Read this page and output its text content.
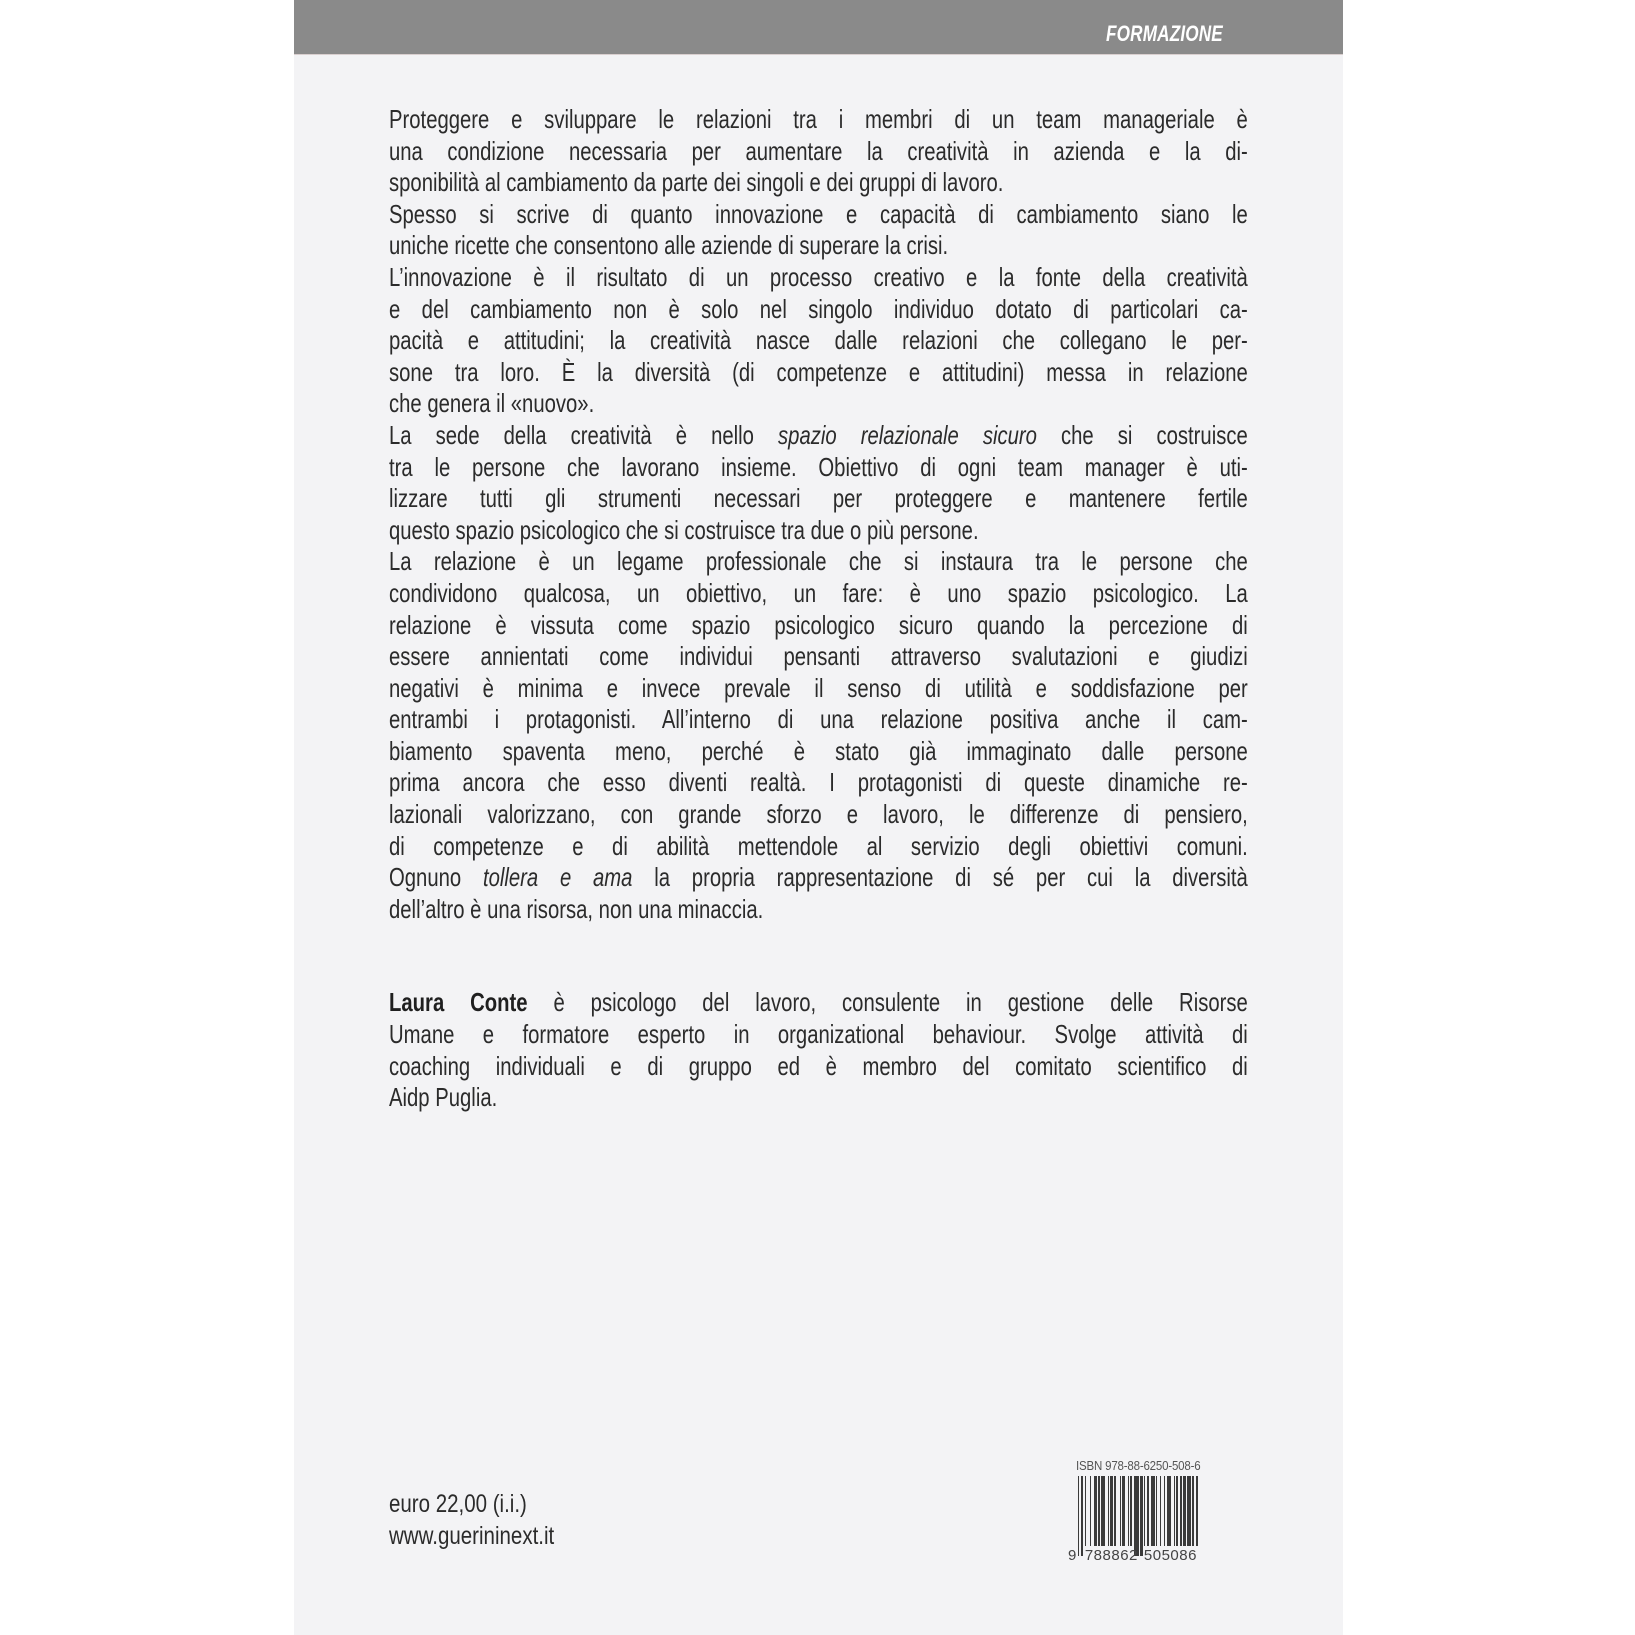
FORMAZIONE
Proteggere e sviluppare le relazioni tra i membri di un team manageriale è
una condizione necessaria per aumentare la creatività in azienda e la di-
sponibilità al cambiamento da parte dei singoli e dei gruppi di lavoro.
Spesso si scrive di quanto innovazione e capacità di cambiamento siano le
uniche ricette che consentono alle aziende di superare la crisi.
L’innovazione è il risultato di un processo creativo e la fonte della creatività
e del cambiamento non è solo nel singolo individuo dotato di particolari ca-
pacità e attitudini; la creatività nasce dalle relazioni che collegano le per-
sone tra loro. È la diversità (di competenze e attitudini) messa in relazione
che genera il «nuovo».
La sede della creatività è nello spazio relazionale sicuro che si costruisce
tra le persone che lavorano insieme. Obiettivo di ogni team manager è uti-
lizzare tutti gli strumenti necessari per proteggere e mantenere fertile
questo spazio psicologico che si costruisce tra due o più persone.
La relazione è un legame professionale che si instaura tra le persone che
condividono qualcosa, un obiettivo, un fare: è uno spazio psicologico. La
relazione è vissuta come spazio psicologico sicuro quando la percezione di
essere annientati come individui pensanti attraverso svalutazioni e giudizi
negativi è minima e invece prevale il senso di utilità e soddisfazione per
entrambi i protagonisti. All’interno di una relazione positiva anche il cam-
biamento spaventa meno, perché è stato già immaginato dalle persone
prima ancora che esso diventi realtà. I protagonisti di queste dinamiche re-
lazionali valorizzano, con grande sforzo e lavoro, le differenze di pensiero,
di competenze e di abilità mettendole al servizio degli obiettivi comuni.
Ognuno tollera e ama la propria rappresentazione di sé per cui la diversità
dell’altro è una risorsa, non una minaccia.
Laura Conte è psicologo del lavoro, consulente in gestione delle Risorse
Umane e formatore esperto in organizational behaviour. Svolge attività di
coaching individuali e di gruppo ed è membro del comitato scientifico di
Aidp Puglia.
euro 22,00 (i.i.)
www.guerininext.it
ISBN 978-88-6250-508-6
9 788862 505086
